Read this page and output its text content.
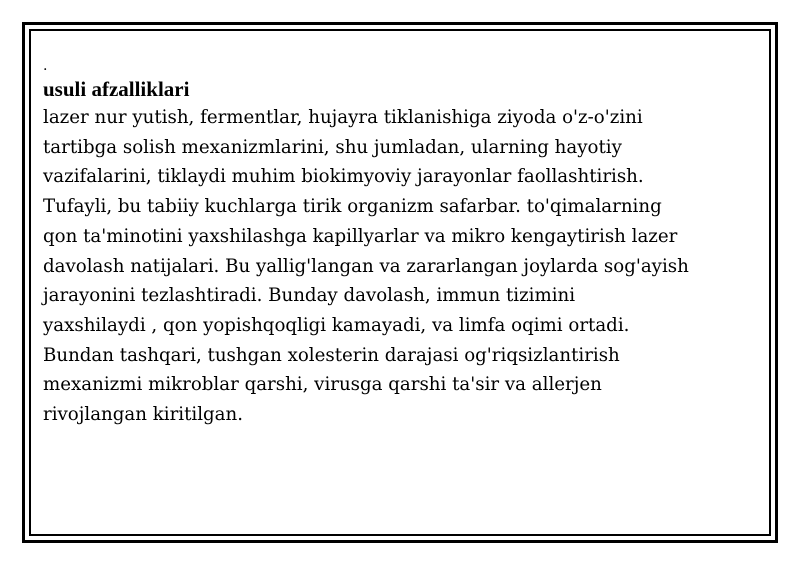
.

usuli afzalliklari
lazer nur yutish, fermentlar, hujayra tiklanishiga ziyoda o'z-o'zini
tartibga solish mexanizmlarini, shu jumladan, ularning hayotiy
vazifalarini, tiklaydi muhim biokimyoviy jarayonlar faollashtirish.
Tufayli, bu tabiiy kuchlarga tirik organizm safarbar. to'qimalarning
qon ta'minotini yaxshilashga kapillyarlar va mikro kengaytirish lazer
davolash natijalari. Bu yallig'langan va zararlangan joylarda sog'ayish
jarayonini tezlashtiradi. Bunday davolash, immun tizimini
yaxshilaydi , qon yopishqoqligi kamayadi, va limfa oqimi ortadi.
Bundan tashqari, tushgan xolesterin darajasi og'riqsizlantirish
mexanizmi mikroblar qarshi, virusga qarshi ta'sir va allerjen
rivojlangan kiritilgan.
